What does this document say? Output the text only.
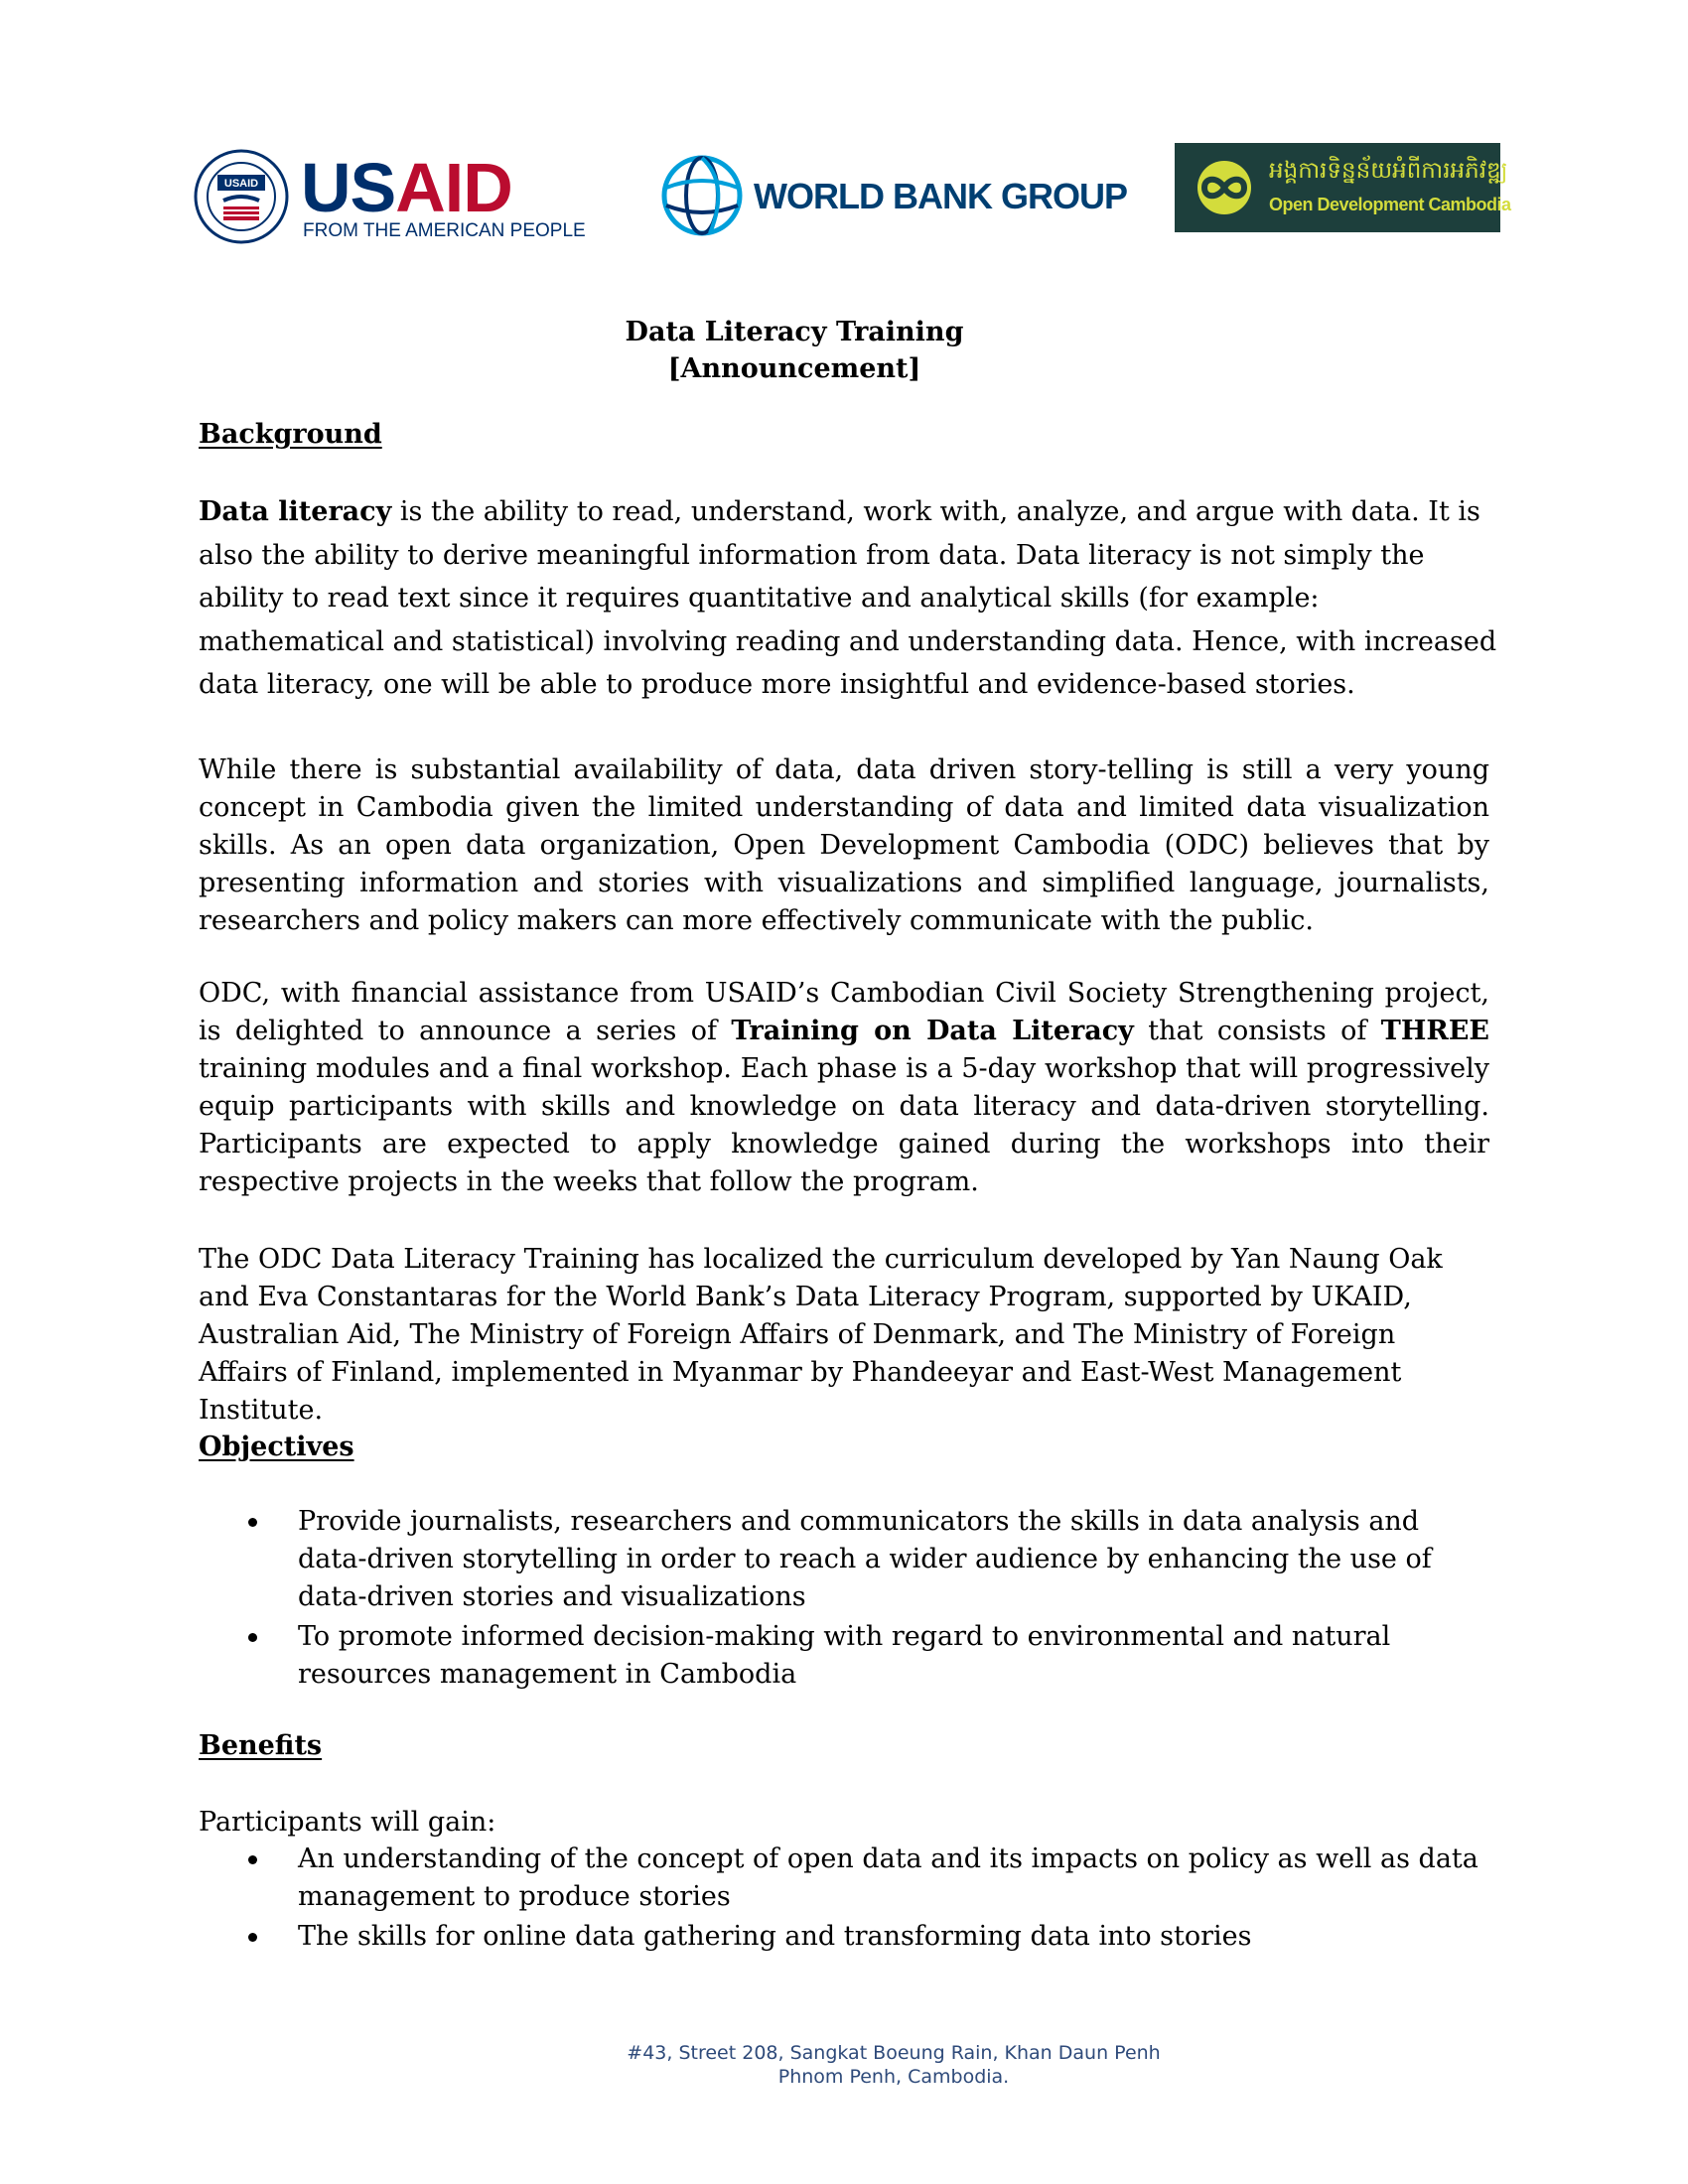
USAID USAID
FROM THE AMERICAN PEOPLE
WORLD BANK GROUP
អង្គការទិន្នន័យអំពីការអភិវឌ្ឍ
Open Development Cambodia
Data Literacy Training
[Announcement]
Background
Data literacy is the ability to read, understand, work with, analyze, and argue with data. It is also the ability to derive meaningful information from data. Data literacy is not simply the ability to read text since it requires quantitative and analytical skills (for example: mathematical and statistical) involving reading and understanding data. Hence, with increased data literacy, one will be able to produce more insightful and evidence-based stories.
While there is substantial availability of data, data driven story-telling is still a very young concept in Cambodia given the limited understanding of data and limited data visualization skills. As an open data organization, Open Development Cambodia (ODC) believes that by presenting information and stories with visualizations and simplified language, journalists, researchers and policy makers can more effectively communicate with the public.
ODC, with financial assistance from USAID’s Cambodian Civil Society Strengthening project, is delighted to announce a series of Training on Data Literacy that consists of THREE training modules and a final workshop. Each phase is a 5-day workshop that will progressively equip participants with skills and knowledge on data literacy and data-driven storytelling. Participants are expected to apply knowledge gained during the workshops into their respective projects in the weeks that follow the program.
The ODC Data Literacy Training has localized the curriculum developed by Yan Naung Oak and Eva Constantaras for the World Bank’s Data Literacy Program, supported by UKAID, Australian Aid, The Ministry of Foreign Affairs of Denmark, and The Ministry of Foreign Affairs of Finland, implemented in Myanmar by Phandeeyar and East-West Management Institute.
Objectives
Provide journalists, researchers and communicators the skills in data analysis and data-driven storytelling in order to reach a wider audience by enhancing the use of data-driven stories and visualizations
To promote informed decision-making with regard to environmental and natural resources management in Cambodia
Benefits
Participants will gain:
An understanding of the concept of open data and its impacts on policy as well as data management to produce stories
The skills for online data gathering and transforming data into stories
#43, Street 208, Sangkat Boeung Rain, Khan Daun Penh
Phnom Penh, Cambodia.
